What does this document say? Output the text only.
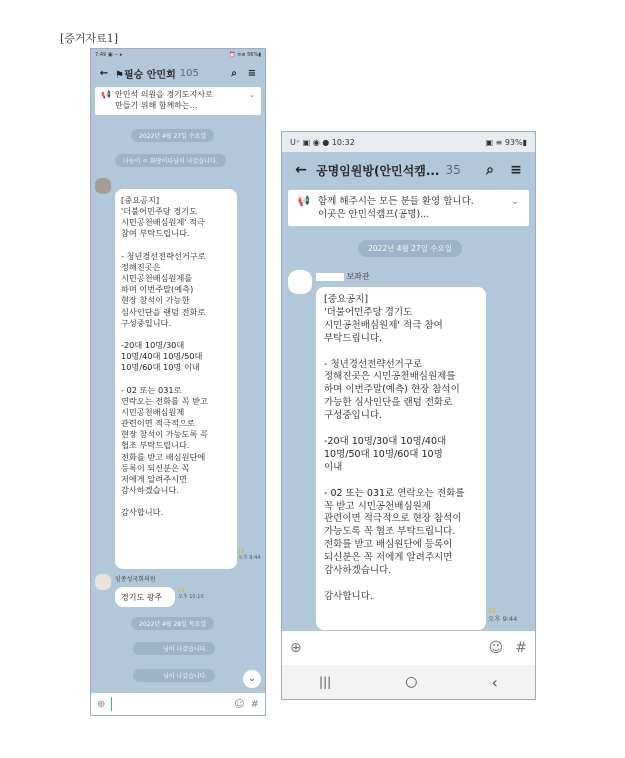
[증거자료1]
7:49 ▣ − ▸	⏰ ≡≢ 56%▮
← ⚑필승 안민회 105	⌕	≡
📢 안민석 의원을 경기도지사로
만들기 위해 함께하는...
⌄
2022년 4월 27일 수요일
나눔이 ㅇ 화랑이다님이 나갔습니다.
[중요공지]
'더불어민주당 경기도
시민공천배심원제' 적극
참여 부탁드립니다.

- 청년경선전략선거구로
정해진곳은
시민공천배심원제를
하며 이번주말(예측)
현장 참석이 가능한
심사인단을 랜덤 전화로
구성중입니다.

-20대 10명/30대
10명/40대 10명/50대
10명/60대 10명 이내

- 02 또는 031로
연락오는 전화를 꼭 받고
시민공천배심원제
관련이면 적극적으로
현장 참석이 가능도록 꼭
협조 부탁드립니다.
전화를 받고 배심원단에
등록이 되신분은 꼭
저에게 알려주시면
감사하겠습니다.

감사합니다.
19
오후 9:44
임종성국회의원
경기도 광주
19
오후 10:10
2022년 4월 28일 목요일
님이 나갔습니다.
님이 나갔습니다.	⌄
⊕	☺ #
U⁺ ▣ ◉ ● 10:32	▣ ≡ 93%▮
← 공명임원방(안민석캠... 35	⌕	≡
📢 함께 해주시는 모든 분들 환영 합니다.
이곳은 안민석캠프(공명)...
⌄
2022년 4월 27일 수요일
보좌관
[중요공지]
'더불어민주당 경기도
시민공천배심원제' 적극 참여
부탁드립니다.

- 청년경선전략선거구로
정해진곳은 시민공천배심원제를
하며 이번주말(예측) 현장 참석이
가능한 심사인단을 랜덤 전화로
구성중입니다.

-20대 10명/30대 10명/40대
10명/50대 10명/60대 10명
이내

- 02 또는 031로 연락오는 전화를
꼭 받고 시민공천배심원제
관련이면 적극적으로 현장 참석이
가능도록 꼭 협조 부탁드립니다.
전화를 받고 배심원단에 등록이
되신분은 꼭 저에게 알려주시면
감사하겠습니다.

감사합니다.
15
오후 9:44
⊕	☺ #
|||	○	‹
